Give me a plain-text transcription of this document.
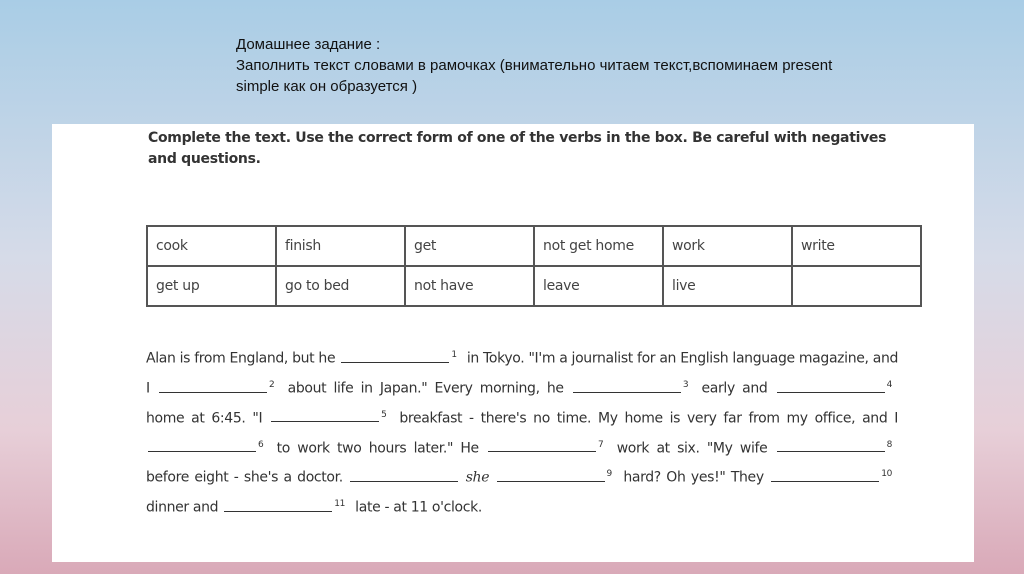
Домашнее задание :
Заполнить текст словами в рамочках (внимательно читаем текст,вспоминаем present
simple как он образуется )
Complete the text. Use the correct form of one of the verbs in the box. Be careful with negatives and questions.
cook	finish	get	not get home	work	write
get up	go to bed	not have	leave	live	
Alan is from England, but he	$^1$ in Tokyo. "I'm a journalist for an English language magazine, and I	$^2$ about life in Japan." Every morning, he	$^3$ early and	$^4$ home at 6:45. "I	$^5$ breakfast - there's no time. My home is very far from my office, and I $^6$ to work two hours later." He	$^7$ work at six. "My wife	$^8$ before eight - she's a doctor.	she	$^9$ hard? Oh yes!" They	$^{10}$ dinner and	$^{11}$ late - at 11 o'clock.
